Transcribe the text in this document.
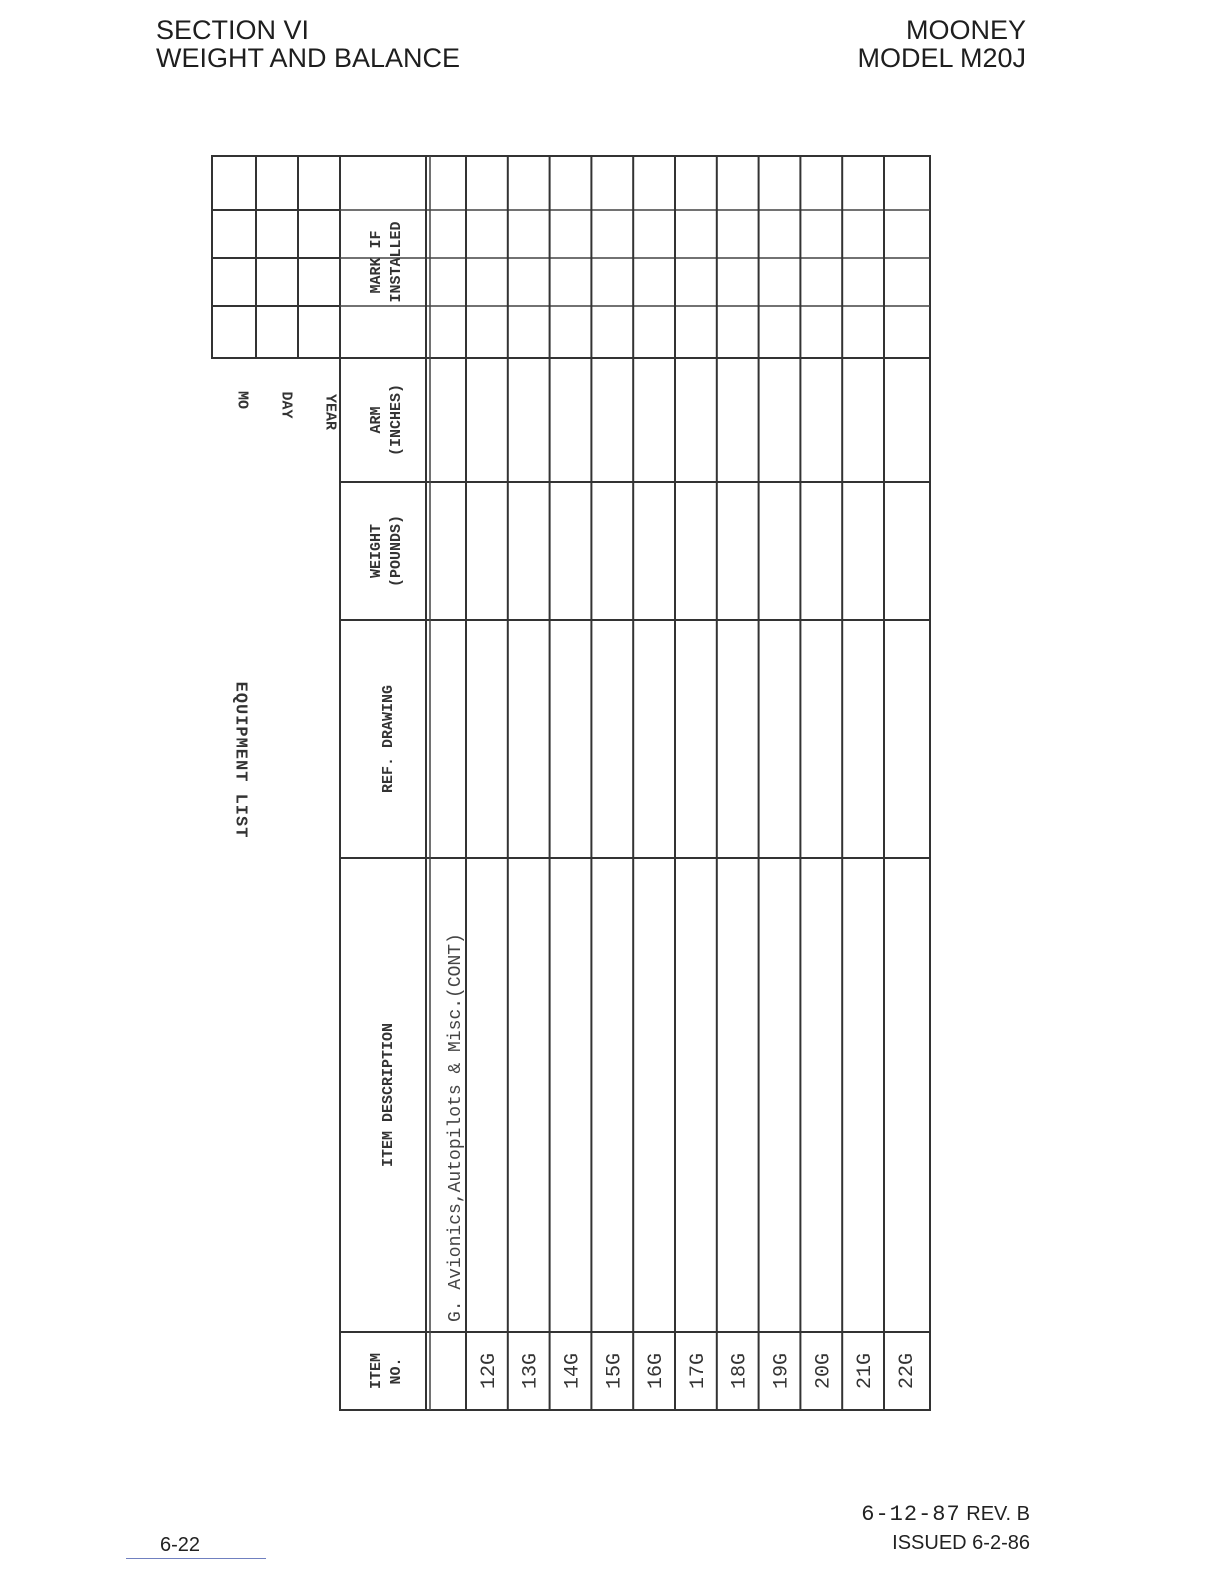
SECTION VI
WEIGHT AND BALANCE
MOONEY
MODEL M20J
EQUIPMENT LIST
MO DAY YEAR
MARK IF INSTALLED
ARM (INCHES)
WEIGHT (POUNDS)
REF. DRAWING
ITEM DESCRIPTION
ITEM NO.
G. Avionics,Autopilots & Misc.(CONT)
12G 13G 14G 15G 16G 17G 18G 19G 20G 21G 22G
6-22
6-12-87 REV. B
ISSUED 6-2-86
